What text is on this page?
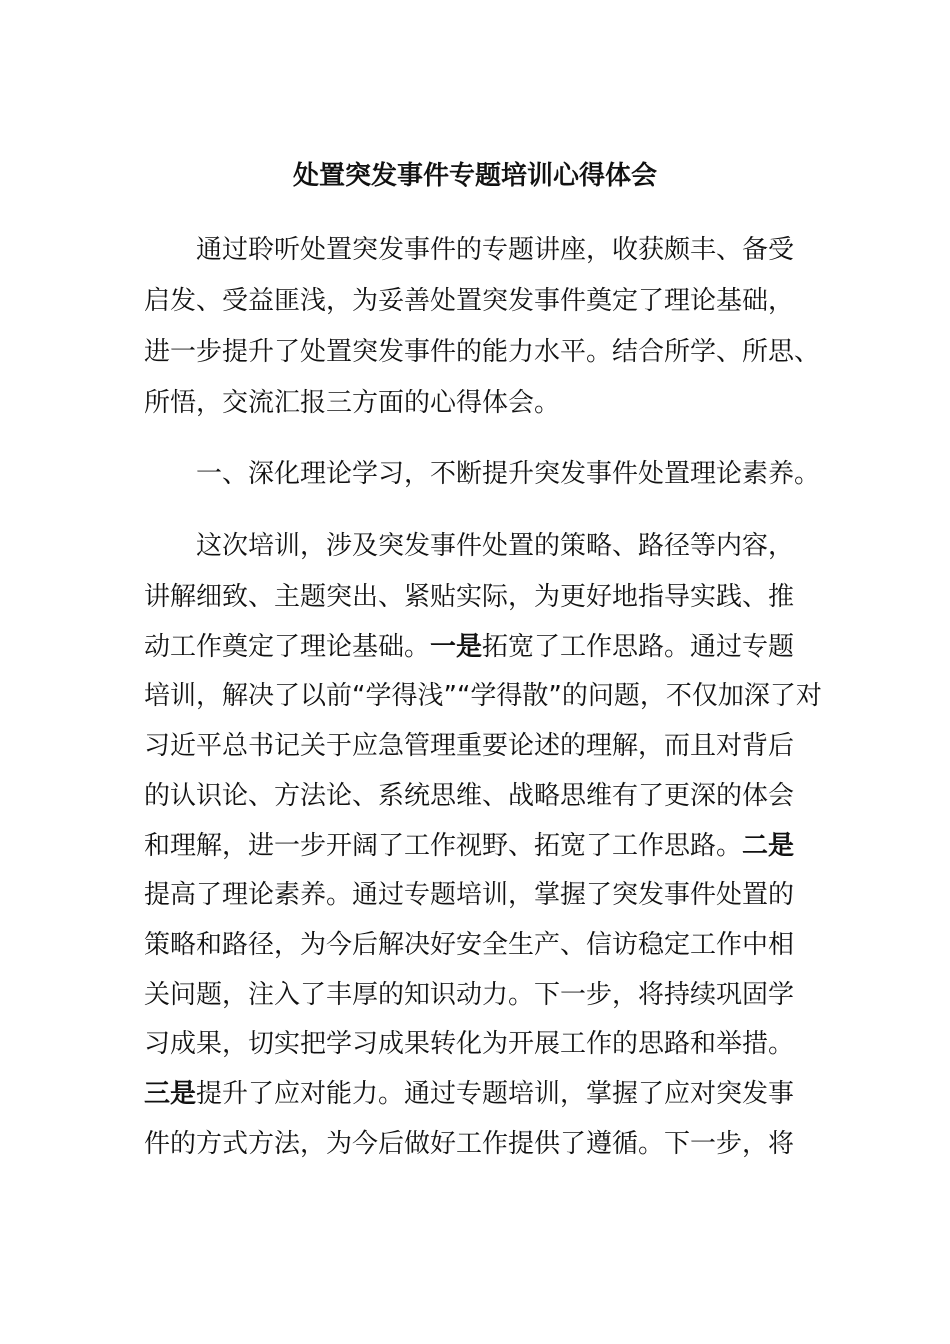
处置突发事件专题培训心得体会
通过聆听处置突发事件的专题讲座，收获颇丰、备受
启发、受益匪浅，为妥善处置突发事件奠定了理论基础，
进一步提升了处置突发事件的能力水平。结合所学、所思、
所悟，交流汇报三方面的心得体会。
一、深化理论学习，不断提升突发事件处置理论素养。
这次培训，涉及突发事件处置的策略、路径等内容，
讲解细致、主题突出、紧贴实际，为更好地指导实践、推
动工作奠定了理论基础。一是拓宽了工作思路。通过专题
培训，解决了以前“学得浅”“学得散”的问题，不仅加深了对
习近平总书记关于应急管理重要论述的理解，而且对背后
的认识论、方法论、系统思维、战略思维有了更深的体会
和理解，进一步开阔了工作视野、拓宽了工作思路。二是
提高了理论素养。通过专题培训，掌握了突发事件处置的
策略和路径，为今后解决好安全生产、信访稳定工作中相
关问题，注入了丰厚的知识动力。下一步，将持续巩固学
习成果，切实把学习成果转化为开展工作的思路和举措。
三是提升了应对能力。通过专题培训，掌握了应对突发事
件的方式方法，为今后做好工作提供了遵循。下一步，将
